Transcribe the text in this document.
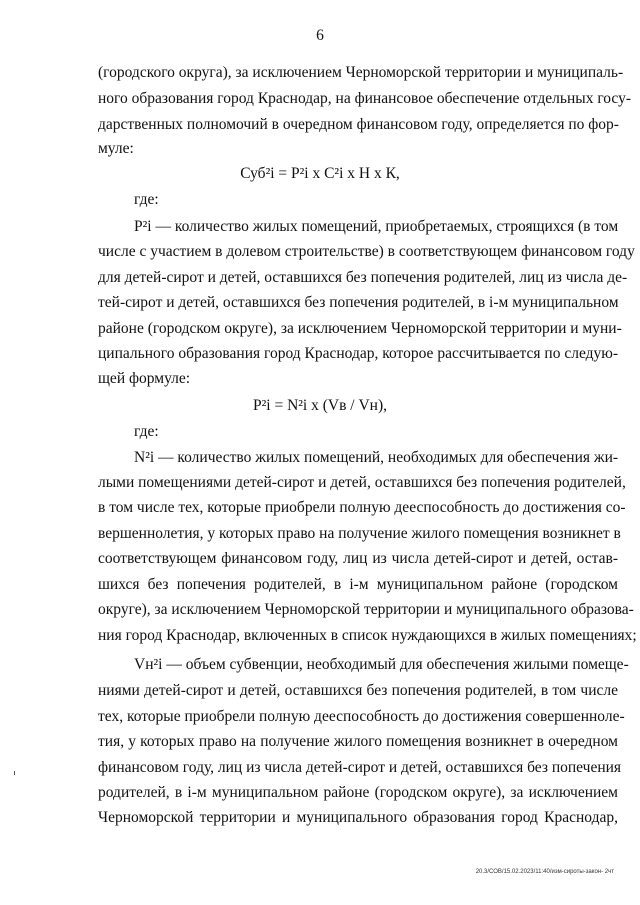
6
(городского округа), за исключением Черноморской территории и муниципаль-
ного образования город Краснодар, на финансовое обеспечение отдельных госу-
дарственных полномочий в очередном финансовом году, определяется по фор-
муле:
Суб²i = Р²i x С²i x Н x К,
где:
Р²i — количество жилых помещений, приобретаемых, строящихся (в том
числе с участием в долевом строительстве) в соответствующем финансовом году
для детей-сирот и детей, оставшихся без попечения родителей, лиц из числа де-
тей-сирот и детей, оставшихся без попечения родителей, в i-м муниципальном
районе (городском округе), за исключением Черноморской территории и муни-
ципального образования город Краснодар, которое рассчитывается по следую-
щей формуле:
Р²i = N²i x (Vв / Vн),
где:
N²i — количество жилых помещений, необходимых для обеспечения жи-
лыми помещениями детей-сирот и детей, оставшихся без попечения родителей,
в том числе тех, которые приобрели полную дееспособность до достижения со-
вершеннолетия, у которых право на получение жилого помещения возникнет в
соответствующем финансовом году, лиц из числа детей-сирот и детей, остав-
шихся без попечения родителей, в i-м муниципальном районе (городском
округе), за исключением Черноморской территории и муниципального образова-
ния город Краснодар, включенных в список нуждающихся в жилых помещениях;
Vн²i — объем субвенции, необходимый для обеспечения жилыми помеще-
ниями детей-сирот и детей, оставшихся без попечения родителей, в том числе
тех, которые приобрели полную дееспособность до достижения совершенноле-
тия, у которых право на получение жилого помещения возникнет в очередном
финансовом году, лиц из числа детей-сирот и детей, оставшихся без попечения
родителей, в i-м муниципальном районе (городском округе), за исключением
Черноморской территории и муниципального образования город Краснодар,
20.3/СОВ/15.02.2023/11:40/изм-сироты-закон- 2чт
